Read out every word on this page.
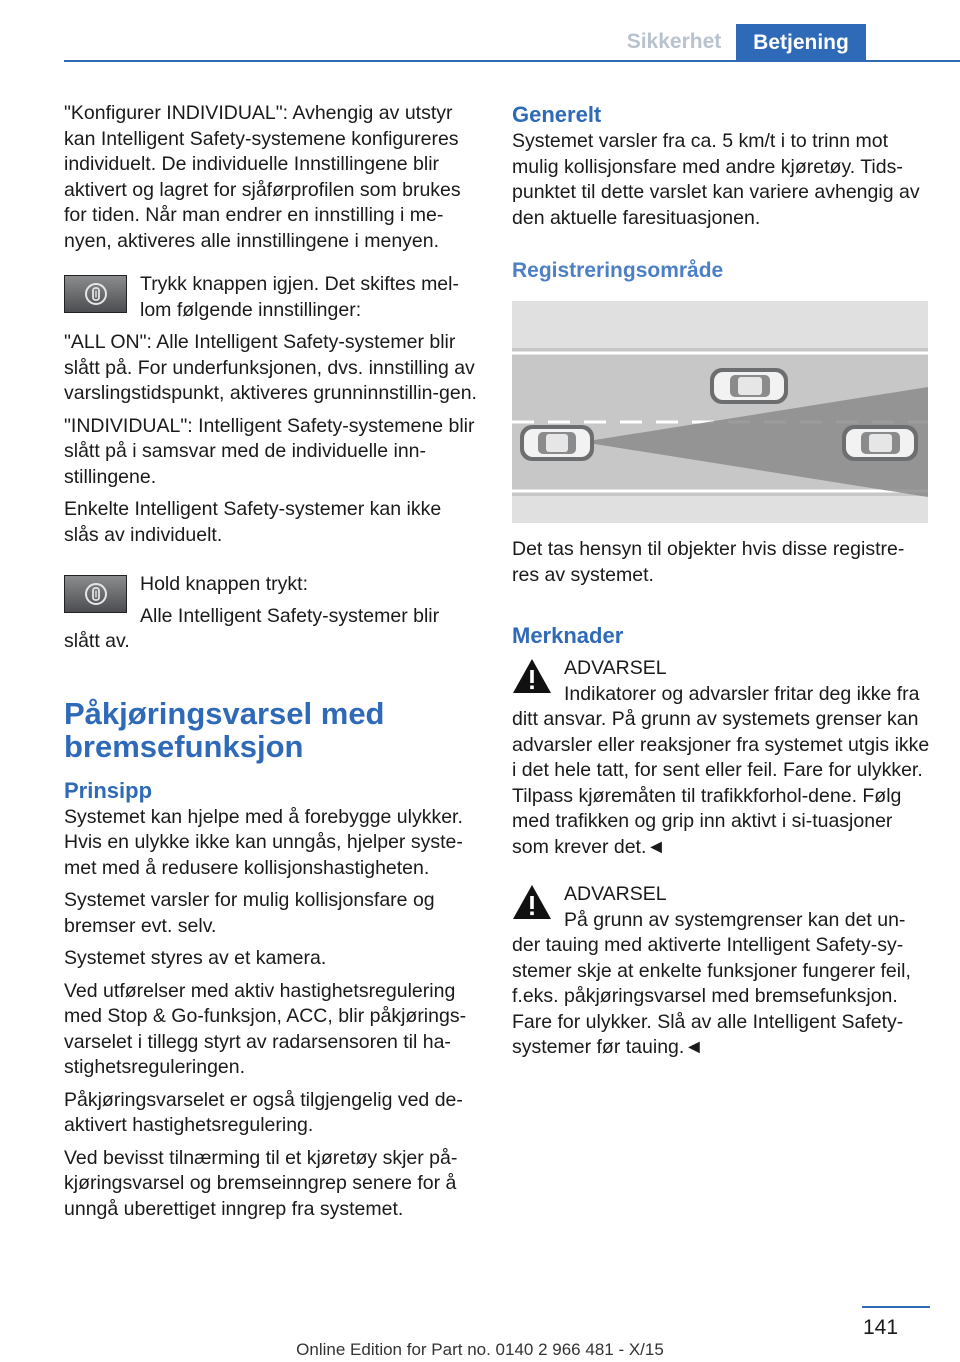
Sikkerhet	Betjening

"Konfigurer INDIVIDUAL": Avhengig av utstyr kan Intelligent Safety-systemene konfigureres individuelt. De individuelle Innstillingene blir aktivert og lagret for sjåførprofilen som brukes for tiden. Når man endrer en innstilling i me‐nyen, aktiveres alle innstillingene i menyen.

Trykk knappen igjen. Det skiftes mel‐lom følgende innstillinger:

"ALL ON": Alle Intelligent Safety-systemer blir slått på. For underfunksjonen, dvs. innstilling av varslingstidspunkt, aktiveres grunninnstillin‐gen.

"INDIVIDUAL": Intelligent Safety-systemene blir slått på i samsvar med de individuelle inn‐stillingene.

Enkelte Intelligent Safety-systemer kan ikke slås av individuelt.

Hold knappen trykt:

Alle Intelligent Safety-systemer blir slått av.

Påkjøringsvarsel med bremsefunksjon
Prinsipp

Systemet kan hjelpe med å forebygge ulykker. Hvis en ulykke ikke kan unngås, hjelper syste‐met med å redusere kollisjonshastigheten.

Systemet varsler for mulig kollisjonsfare og bremser evt. selv.

Systemet styres av et kamera.

Ved utførelser med aktiv hastighetsregulering med Stop & Go-funksjon, ACC, blir påkjørings‐varselet i tillegg styrt av radarsensoren til ha‐stighetsreguleringen.

Påkjøringsvarselet er også tilgjengelig ved de‐aktivert hastighetsregulering.

Ved bevisst tilnærming til et kjøretøy skjer på‐kjøringsvarsel og bremseinngrep senere for å unngå uberettiget inngrep fra systemet.

Generelt

Systemet varsler fra ca. 5 km/t i to trinn mot mulig kollisjonsfare med andre kjøretøy. Tids‐punktet til dette varslet kan variere avhengig av den aktuelle faresituasjonen.

Registreringsområde

Det tas hensyn til objekter hvis disse registre‐res av systemet.

Merknader

ADVARSEL

Indikatorer og advarsler fritar deg ikke fra

ditt ansvar. På grunn av systemets grenser kan advarsler eller reaksjoner fra systemet utgis ikke i det hele tatt, for sent eller feil. Fare for ulykker. Tilpass kjøremåten til trafikkforhol‐dene. Følg med trafikken og grip inn aktivt i si‐tuasjoner som krever det.◄

ADVARSEL

På grunn av systemgrenser kan det un‐

der tauing med aktiverte Intelligent Safety-sy‐stemer skje at enkelte funksjoner fungerer feil, f.eks. påkjøringsvarsel med bremsefunksjon. Fare for ulykker. Slå av alle Intelligent Safety-systemer før tauing.◄

141
Online Edition for Part no. 0140 2 966 481 - X/15
